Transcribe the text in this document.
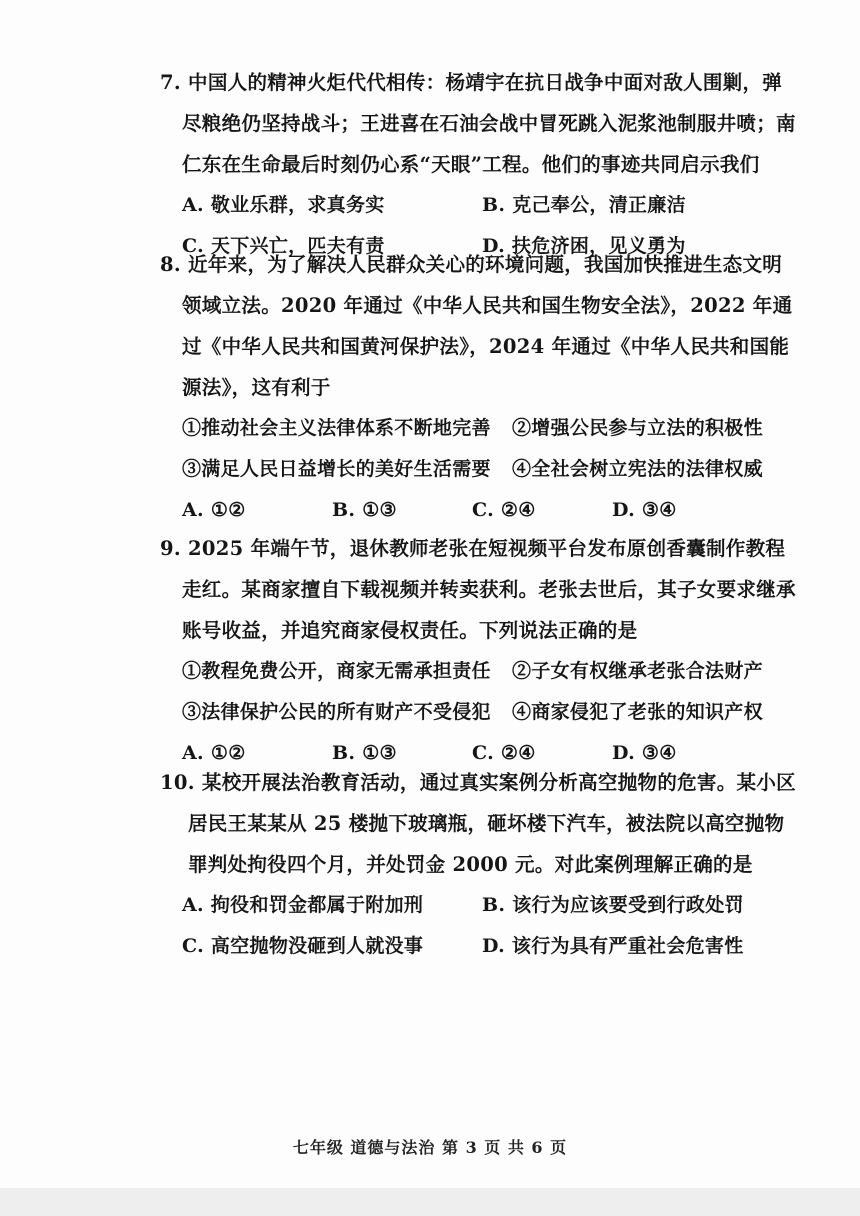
7. 中国人的精神火炬代代相传：杨靖宇在抗日战争中面对敌人围剿，弹尽粮绝仍坚持战斗；王进喜在石油会战中冒死跳入泥浆池制服井喷；南仁东在生命最后时刻仍心系“天眼”工程。他们的事迹共同启示我们

A. 敬业乐群，求真务实	B. 克己奉公，清正廉洁
C. 天下兴亡，匹夫有责	D. 扶危济困，见义勇为

8. 近年来，为了解决人民群众关心的环境问题，我国加快推进生态文明领域立法。2020 年通过《中华人民共和国生物安全法》，2022 年通过《中华人民共和国黄河保护法》，2024 年通过《中华人民共和国能源法》，这有利于

①推动社会主义法律体系不断地完善	②增强公民参与立法的积极性
③满足人民日益增长的美好生活需要	④全社会树立宪法的法律权威
A. ①②	B. ①③	C. ②④	D. ③④

9. 2025 年端午节，退休教师老张在短视频平台发布原创香囊制作教程走红。某商家擅自下载视频并转卖获利。老张去世后，其子女要求继承账号收益，并追究商家侵权责任。下列说法正确的是

①教程免费公开，商家无需承担责任	②子女有权继承老张合法财产
③法律保护公民的所有财产不受侵犯	④商家侵犯了老张的知识产权
A. ①②	B. ①③	C. ②④	D. ③④

10. 某校开展法治教育活动，通过真实案例分析高空抛物的危害。某小区居民王某某从 25 楼抛下玻璃瓶，砸坏楼下汽车，被法院以高空抛物罪判处拘役四个月，并处罚金 2000 元。对此案例理解正确的是

A. 拘役和罚金都属于附加刑	B. 该行为应该要受到行政处罚
C. 高空抛物没砸到人就没事	D. 该行为具有严重社会危害性
七年级 道德与法治 第 3 页 共 6 页
